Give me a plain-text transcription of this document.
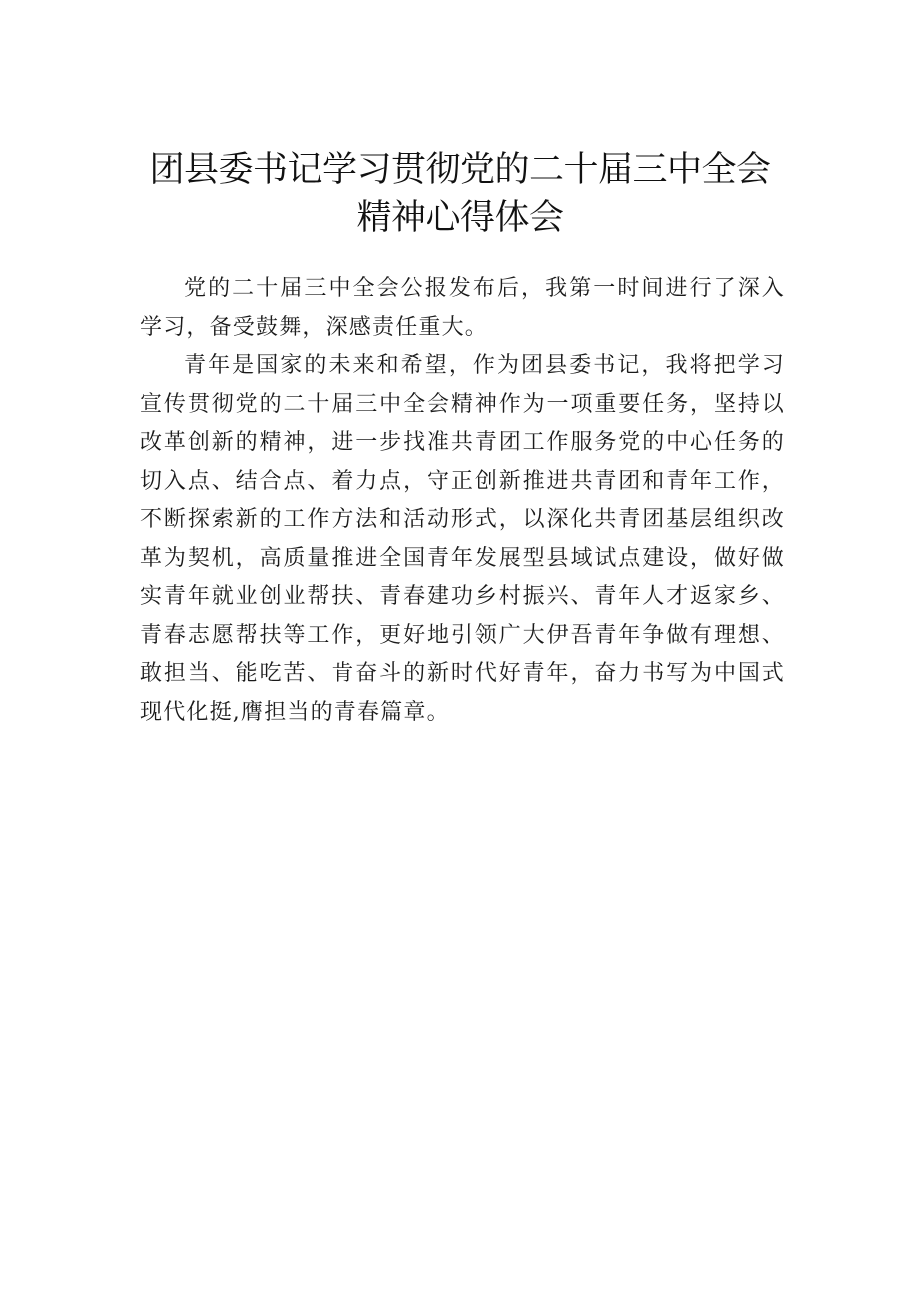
团县委书记学习贯彻党的二十届三中全会
精神心得体会

党的二十届三中全会公报发布后，我第一时间进行了深入学习，备受鼓舞，深感责任重大。

青年是国家的未来和希望，作为团县委书记，我将把学习宣传贯彻党的二十届三中全会精神作为一项重要任务，坚持以改革创新的精神，进一步找准共青团工作服务党的中心任务的切入点、结合点、着力点，守正创新推进共青团和青年工作，不断探索新的工作方法和活动形式，以深化共青团基层组织改革为契机，高质量推进全国青年发展型县域试点建设，做好做实青年就业创业帮扶、青春建功乡村振兴、青年人才返家乡、青春志愿帮扶等工作，更好地引领广大伊吾青年争做有理想、敢担当、能吃苦、肯奋斗的新时代好青年，奋力书写为中国式现代化挺,膺担当的青春篇章。
